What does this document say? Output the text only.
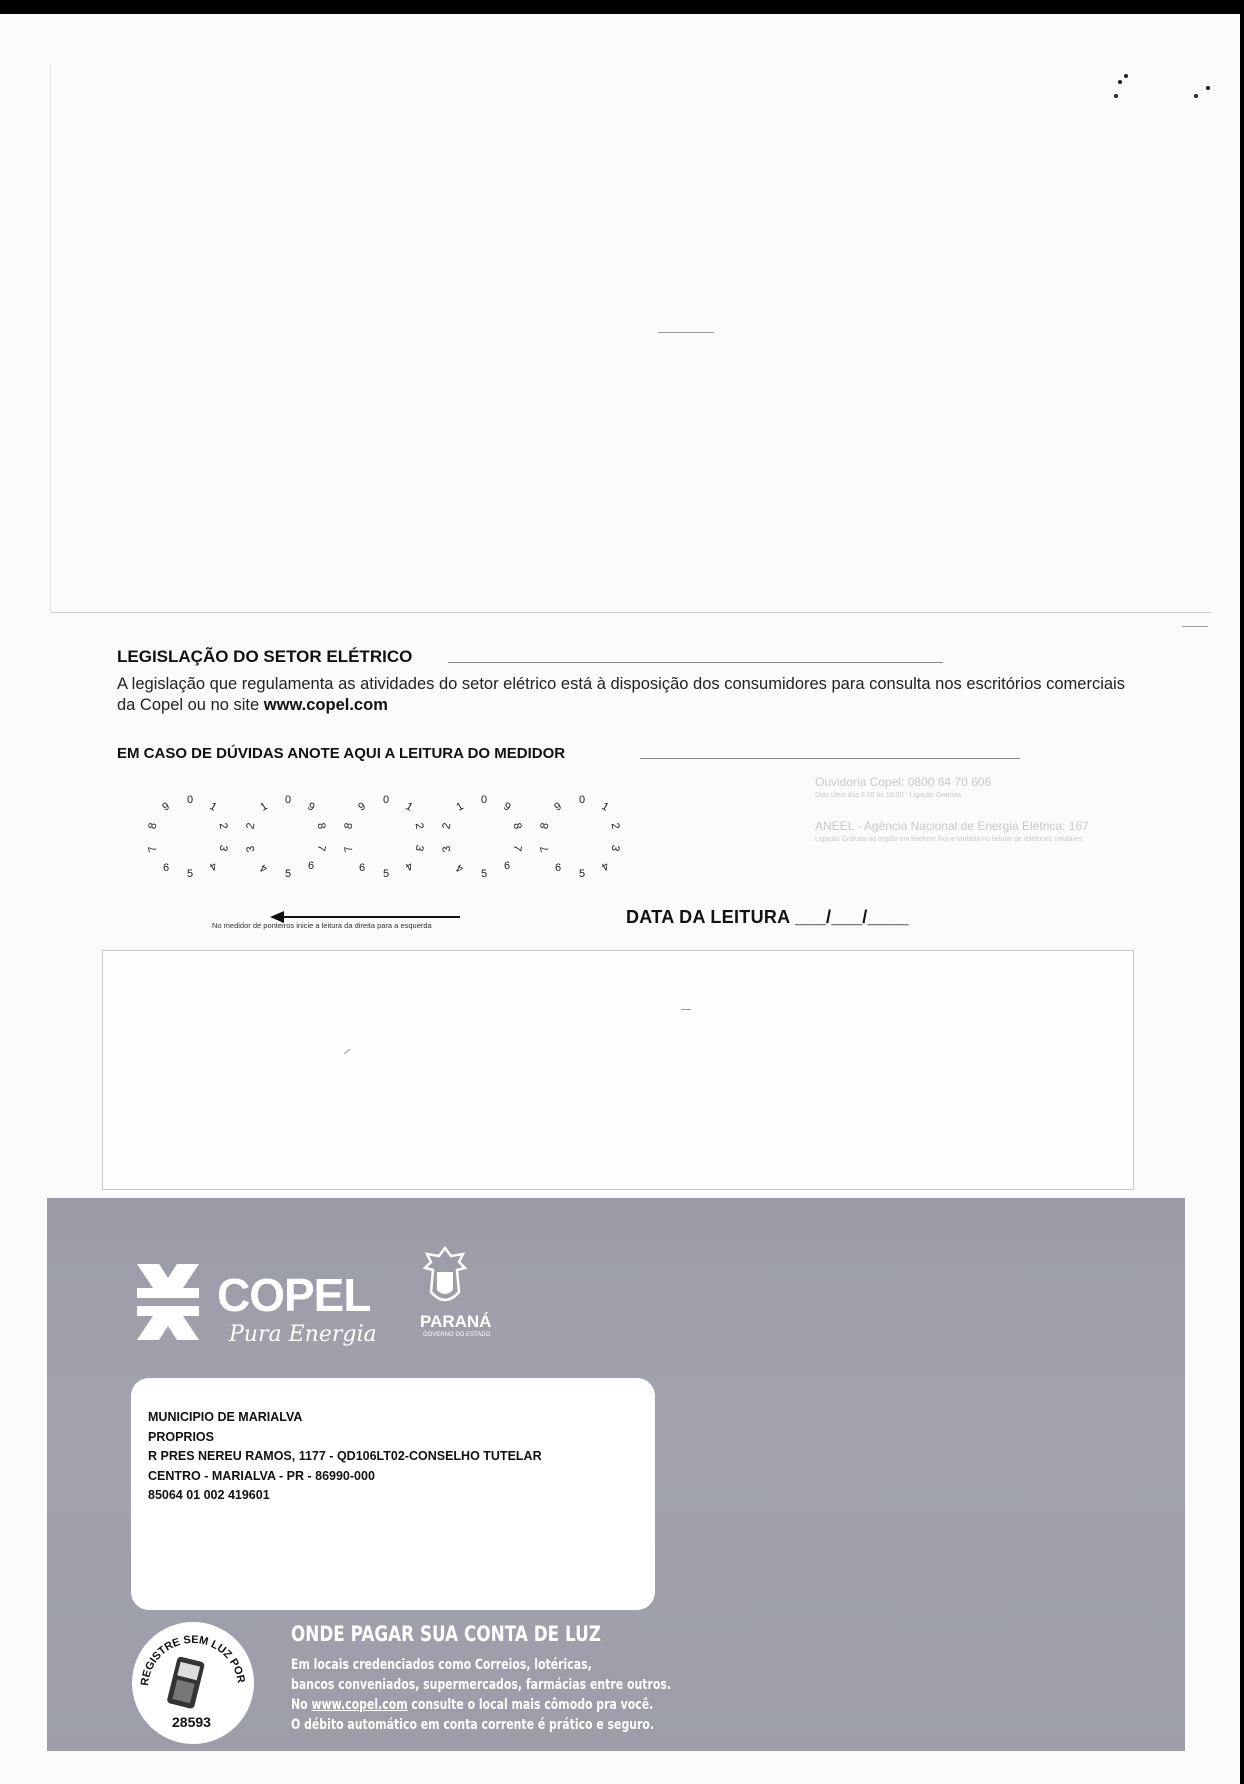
LEGISLAÇÃO DO SETOR ELÉTRICO
A legislação que regulamenta as atividades do setor elétrico está à disposição dos consumidores para consulta nos escritórios comerciais da Copel ou no site www.copel.com
EM CASO DE DÚVIDAS ANOTE AQUI A LEITURA DO MEDIDOR
0
9
8
7
6 5
4
3
2
1
0
9
8
7
6
5
4
3
2
1
0
9
8
7
6 5
4
3
2
1
0
9
8
7
6
5
4
3
2
1
0
9
8
7
6 5
4
3
2
1
No medidor de ponteiros inicie a leitura da direita para a esquerda	DATA DA LEITURA ___/___/____
Ouvidoria Copel: 0800 64 70 606
Dias úteis das 8:00 às 18:00 - Ligação Gratuita
ANEEL - Agência Nacional de Energia Elétrica: 167
Ligação Gratuita na região em telefone fixo e tarifada no celular de telefones celulares
COPEL
Pura Energia
PARANÁ
GOVERNO DO ESTADO
MUNICIPIO DE MARIALVA
PROPRIOS
R PRES NEREU RAMOS, 1177 - QD106LT02-CONSELHO TUTELAR
CENTRO - MARIALVA - PR - 86990-000
85064 01 002 419601
REGISTRE SEM LUZ POR
28593
ONDE PAGAR SUA CONTA DE LUZ
Em locais credenciados como Correios, lotéricas,
bancos conveniados, supermercados, farmácias entre outros.
No www.copel.com consulte o local mais cômodo pra você.
O débito automático em conta corrente é prático e seguro.
